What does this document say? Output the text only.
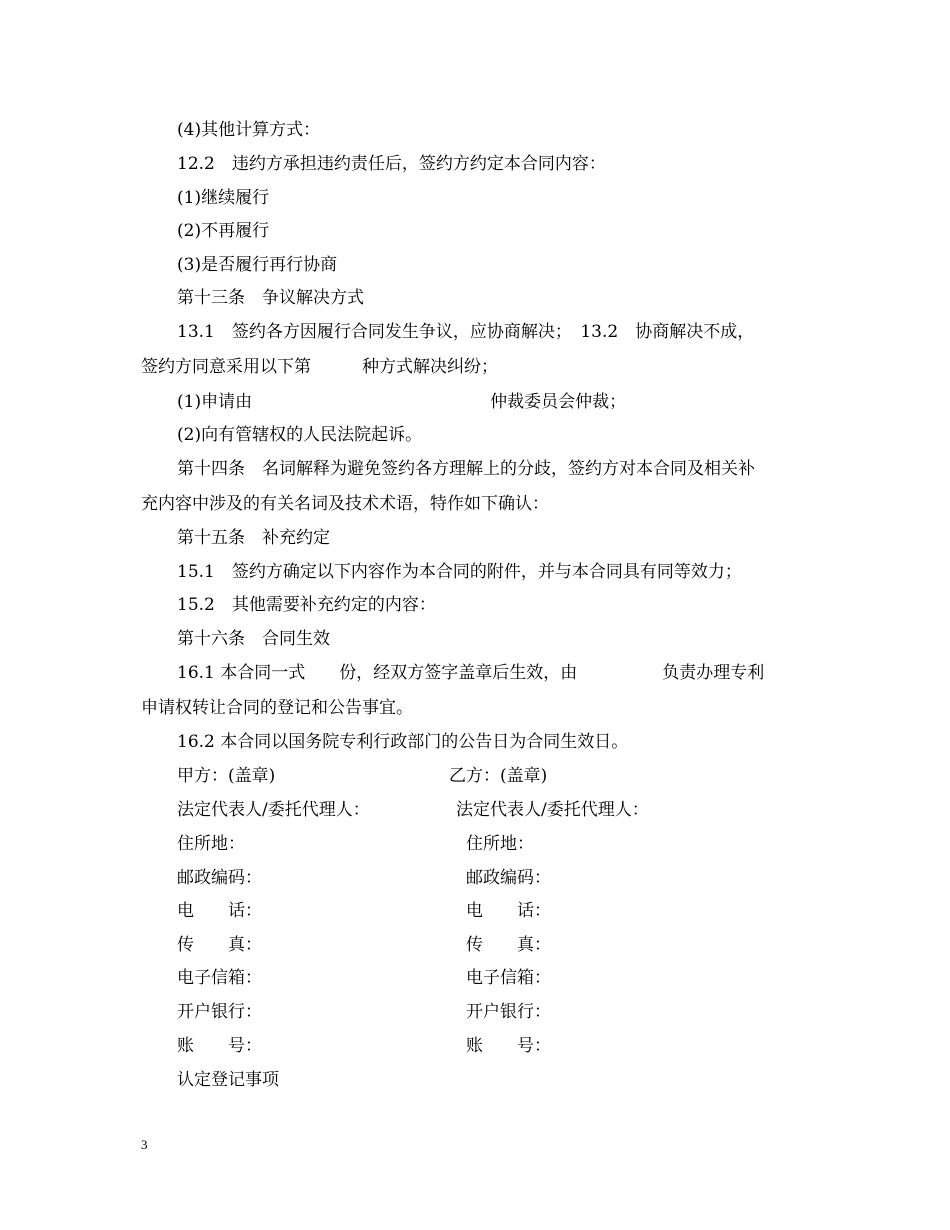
(4)其他计算方式：
12.2　违约方承担违约责任后，签约方约定本合同内容：
(1)继续履行
(2)不再履行
(3)是否履行再行协商
第十三条　争议解决方式
13.1　签约各方因履行合同发生争议，应协商解决；　13.2　协商解决不成，
签约方同意采用以下第　　　种方式解决纠纷；
(1)申请由　　　　　　　　　　　　　　仲裁委员会仲裁；
(2)向有管辖权的人民法院起诉。
第十四条　名词解释为避免签约各方理解上的分歧，签约方对本合同及相关补
充内容中涉及的有关名词及技术术语，特作如下确认：
第十五条　补充约定
15.1　签约方确定以下内容作为本合同的附件，并与本合同具有同等效力；
15.2　其他需要补充约定的内容：
第十六条　合同生效
16.1 本合同一式　　份，经双方签字盖章后生效，由　　　　　负责办理专利
申请权转让合同的登记和公告事宜。
16.2 本合同以国务院专利行政部门的公告日为合同生效日。
甲方：(盖章)
法定代表人/委托代理人：
住所地：
邮政编码：
电　　话：
传　　真：
电子信箱：
开户银行：
账　　号：
乙方：(盖章)
法定代表人/委托代理人：
住所地：
邮政编码：
电　　话：
传　　真：
电子信箱：
开户银行：
账　　号：
认定登记事项
3
